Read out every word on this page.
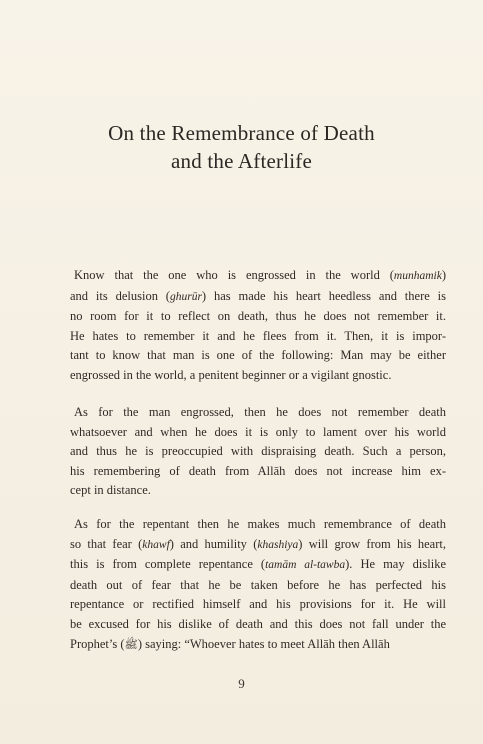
On the Remembrance of Death
and the Afterlife
Know that the one who is engrossed in the world (munhamik)
and its delusion (ghurūr) has made his heart heedless and there is
no room for it to reflect on death, thus he does not remember it.
He hates to remember it and he flees from it. Then, it is impor-
tant to know that man is one of the following: Man may be either
engrossed in the world, a penitent beginner or a vigilant gnostic.
As for the man engrossed, then he does not remember death
whatsoever and when he does it is only to lament over his world
and thus he is preoccupied with dispraising death. Such a person,
his remembering of death from Allāh does not increase him ex-
cept in distance.
As for the repentant then he makes much remembrance of death
so that fear (khawf) and humility (khashiya) will grow from his heart,
this is from complete repentance (tamām al-tawba). He may dislike
death out of fear that he be taken before he has perfected his
repentance or rectified himself and his provisions for it. He will
be excused for his dislike of death and this does not fall under the
Prophet’s (ﷺ) saying: “Whoever hates to meet Allāh then Allāh
9
